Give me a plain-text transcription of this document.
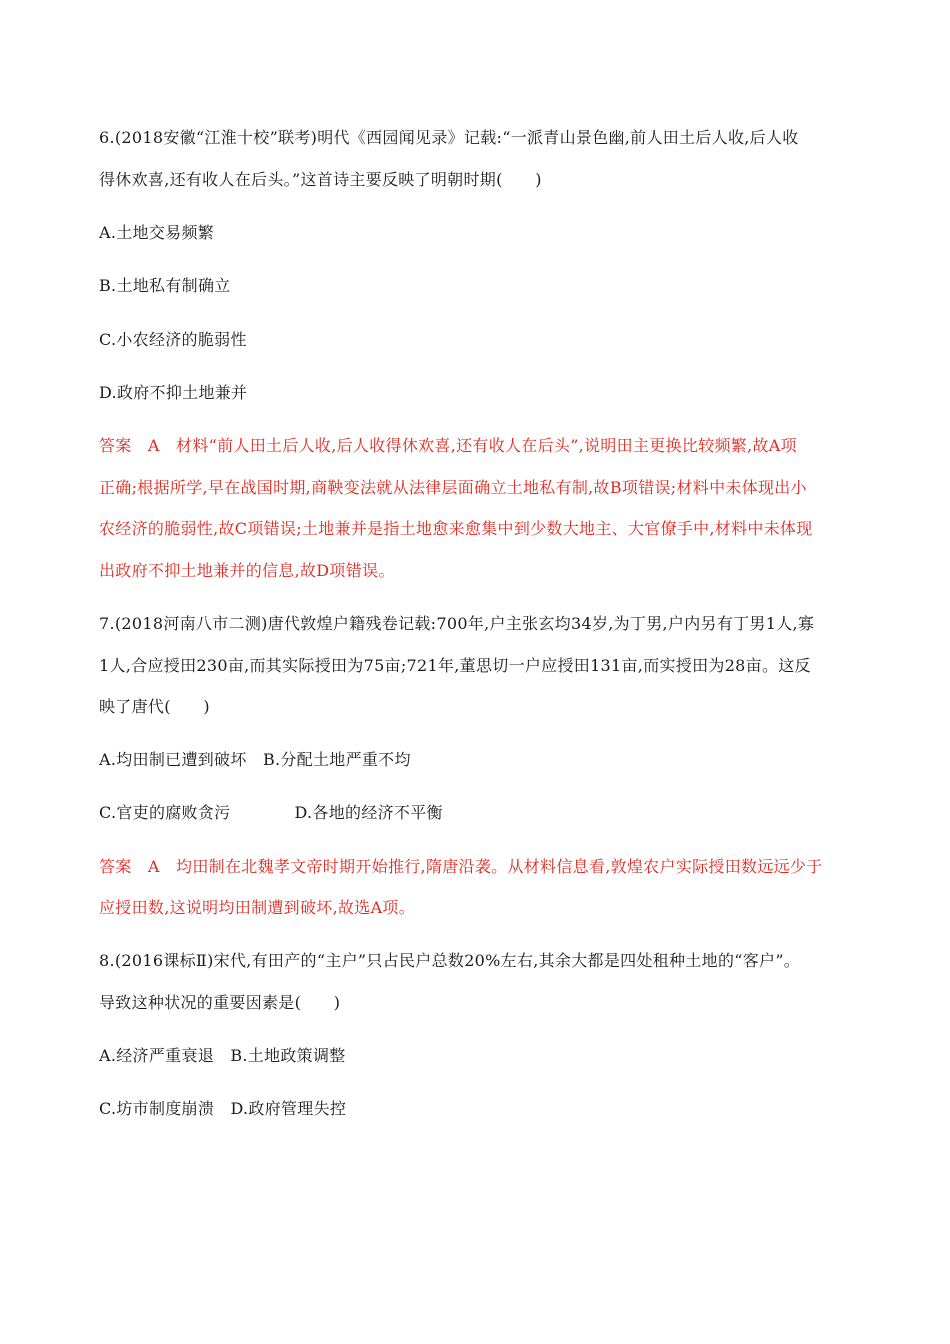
6.(2018安徽“江淮十校”联考)明代《西园闻见录》记载:“一派青山景色幽,前人田土后人收,后人收
得休欢喜,还有收人在后头。”这首诗主要反映了明朝时期(　　)
A.土地交易频繁
B.土地私有制确立
C.小农经济的脆弱性
D.政府不抑土地兼并
答案　A　材料“前人田土后人收,后人收得休欢喜,还有收人在后头”,说明田主更换比较频繁,故A项
正确;根据所学,早在战国时期,商鞅变法就从法律层面确立土地私有制,故B项错误;材料中未体现出小
农经济的脆弱性,故C项错误;土地兼并是指土地愈来愈集中到少数大地主、大官僚手中,材料中未体现
出政府不抑土地兼并的信息,故D项错误。
7.(2018河南八市二测)唐代敦煌户籍残卷记载:700年,户主张玄均34岁,为丁男,户内另有丁男1人,寡
1人,合应授田230亩,而其实际授田为75亩;721年,董思切一户应授田131亩,而实授田为28亩。这反
映了唐代(　　)
A.均田制已遭到破坏　B.分配土地严重不均
C.官吏的腐败贪污	D.各地的经济不平衡
答案　A　均田制在北魏孝文帝时期开始推行,隋唐沿袭。从材料信息看,敦煌农户实际授田数远远少于
应授田数,这说明均田制遭到破坏,故选A项。
8.(2016课标Ⅱ)宋代,有田产的“主户”只占民户总数20%左右,其余大都是四处租种土地的“客户”。
导致这种状况的重要因素是(　　)
A.经济严重衰退　B.土地政策调整
C.坊市制度崩溃　D.政府管理失控
